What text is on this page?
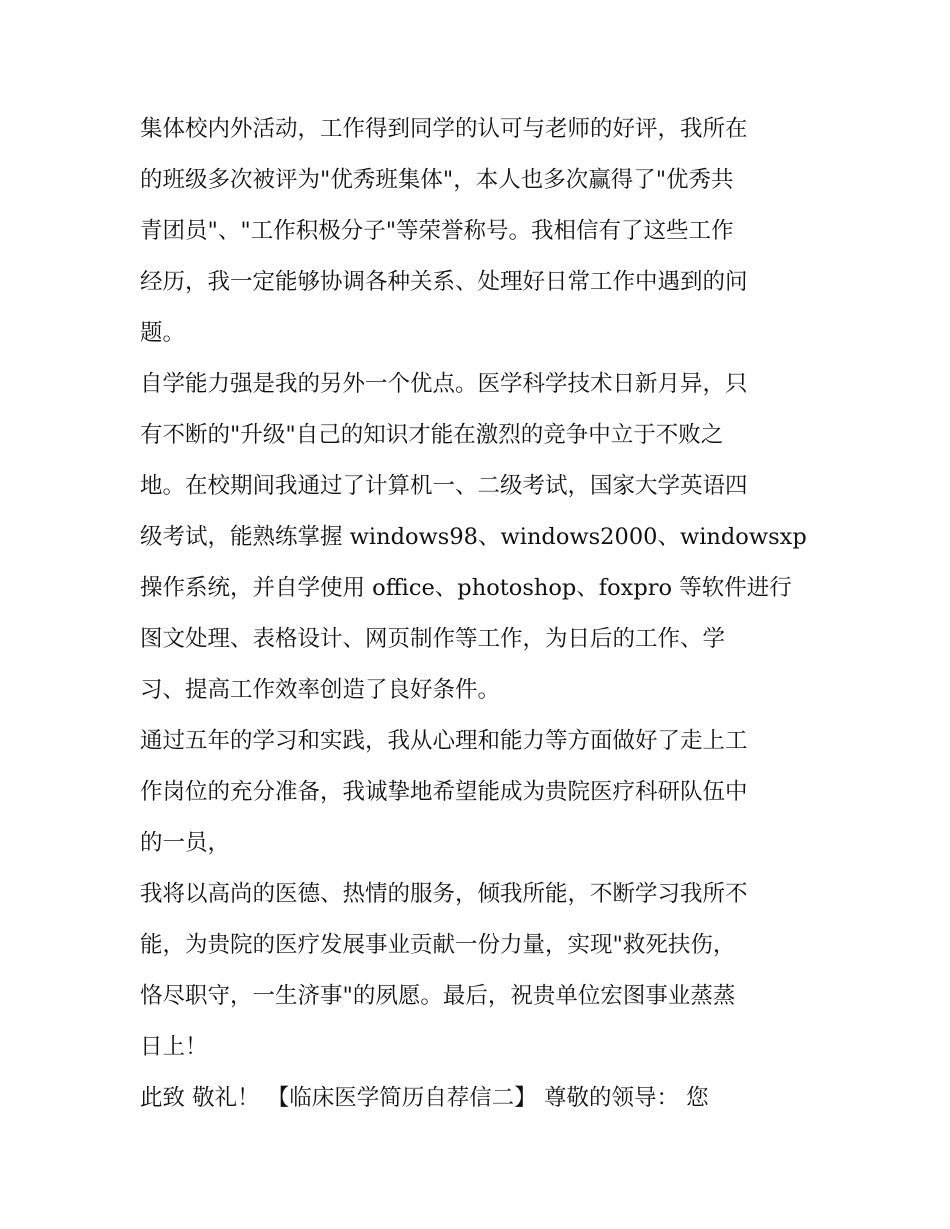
集体校内外活动，工作得到同学的认可与老师的好评，我所在
的班级多次被评为"优秀班集体"，本人也多次赢得了"优秀共
青团员"、"工作积极分子"等荣誉称号。我相信有了这些工作
经历，我一定能够协调各种关系、处理好日常工作中遇到的问
题。
自学能力强是我的另外一个优点。医学科学技术日新月异，只
有不断的"升级"自己的知识才能在激烈的竞争中立于不败之
地。在校期间我通过了计算机一、二级考试，国家大学英语四
级考试，能熟练掌握 windows98、windows2000、windowsxp
操作系统，并自学使用 office、photoshop、foxpro 等软件进行
图文处理、表格设计、网页制作等工作，为日后的工作、学
习、提高工作效率创造了良好条件。
通过五年的学习和实践，我从心理和能力等方面做好了走上工
作岗位的充分准备，我诚挚地希望能成为贵院医疗科研队伍中
的一员，
我将以高尚的医德、热情的服务，倾我所能，不断学习我所不
能，为贵院的医疗发展事业贡献一份力量，实现"救死扶伤，
恪尽职守，一生济事"的夙愿。最后，祝贵单位宏图事业蒸蒸
日上！
此致 敬礼！ 【临床医学简历自荐信二】 尊敬的领导： 您
